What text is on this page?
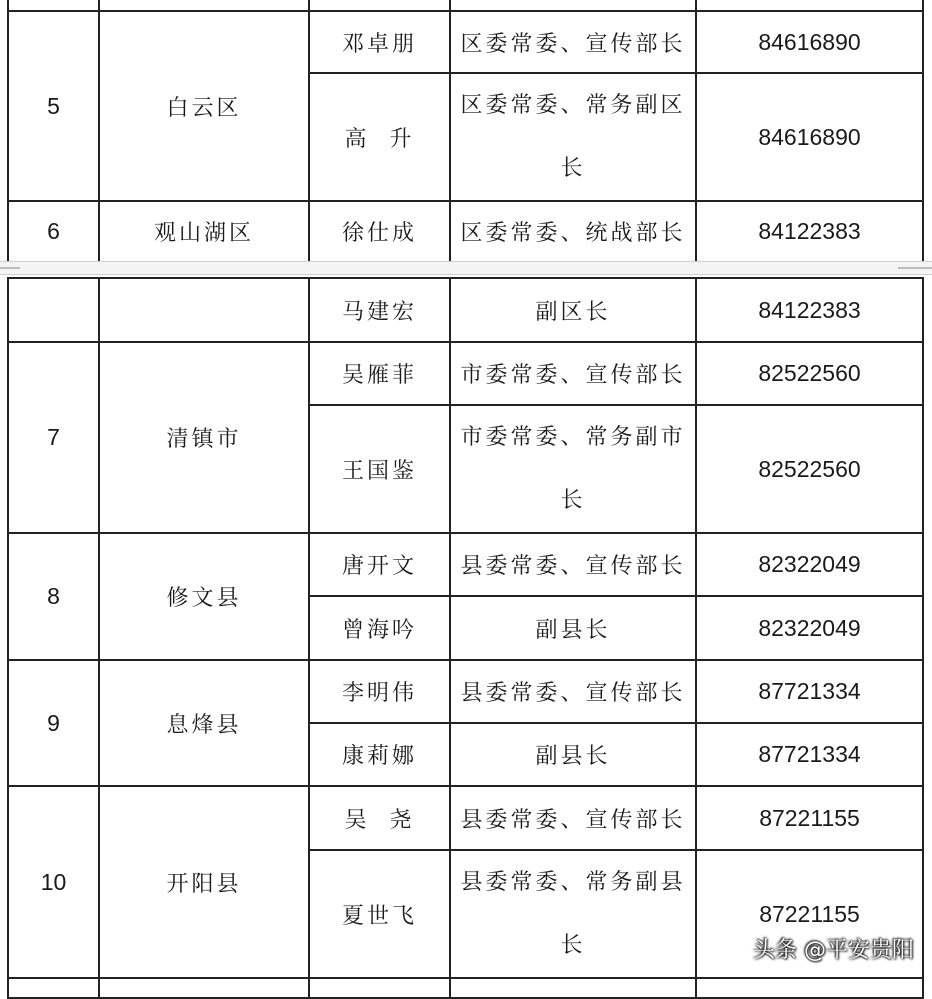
5	白云区	邓卓朋	区委常委、宣传部长	84616890
		高  升	区委常委、常务副区长	84616890
6	观山湖区	徐仕成	区委常委、统战部长	84122383
		马建宏	副区长	84122383
7	清镇市	吴雁菲	市委常委、宣传部长	82522560
		王国鉴	市委常委、常务副市长	82522560
8	修文县	唐开文	县委常委、宣传部长	82322049
		曾海吟	副县长	82322049
9	息烽县	李明伟	县委常委、宣传部长	87721334
		康莉娜	副县长	87721334
10	开阳县	吴  尧	县委常委、宣传部长	87221155
		夏世飞	县委常委、常务副县长	87221155

头条 @平安贵阳
